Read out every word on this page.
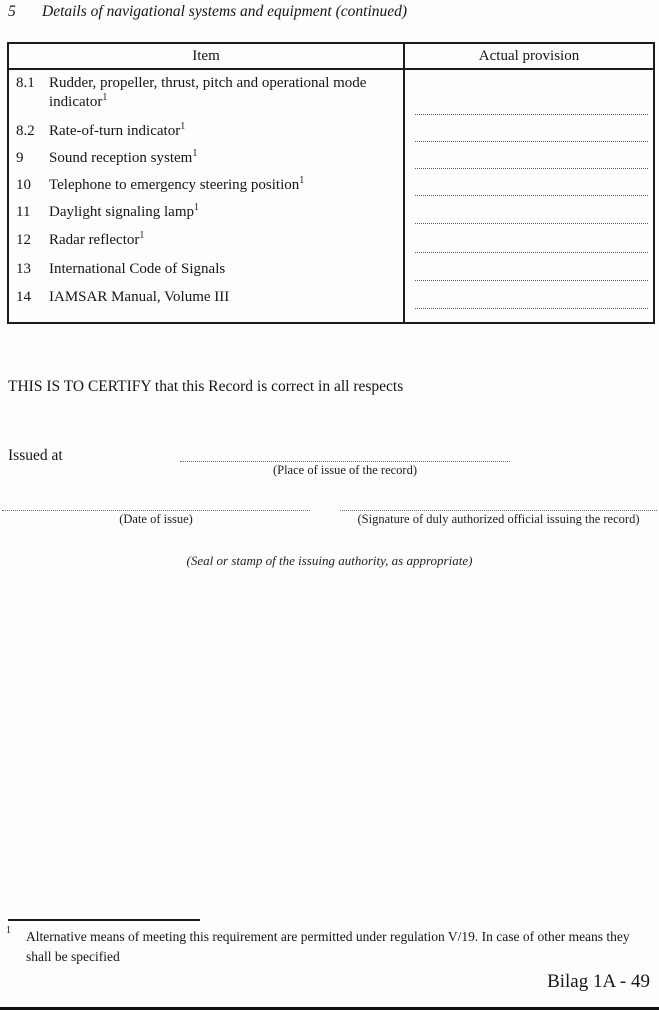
5	Details of navigational systems and equipment (continued)
Item	Actual provision
8.1 Rudder, propeller, thrust, pitch and operational mode indicator$^1$
8.2 Rate-of-turn indicator$^1$
9	Sound reception system$^1$
10	Telephone to emergency steering position$^1$
11	Daylight signaling lamp$^1$
12	Radar reflector$^1$
13	International Code of Signals
14	IAMSAR Manual, Volume III
THIS IS TO CERTIFY that this Record is correct in all respects
Issued at
(Place of issue of the record)
(Date of issue)	(Signature of duly authorized official issuing the record)
(Seal or stamp of the issuing authority, as appropriate)
1 Alternative means of meeting this requirement are permitted under regulation V/19. In case of other means they shall be specified
Bilag 1A - 49
